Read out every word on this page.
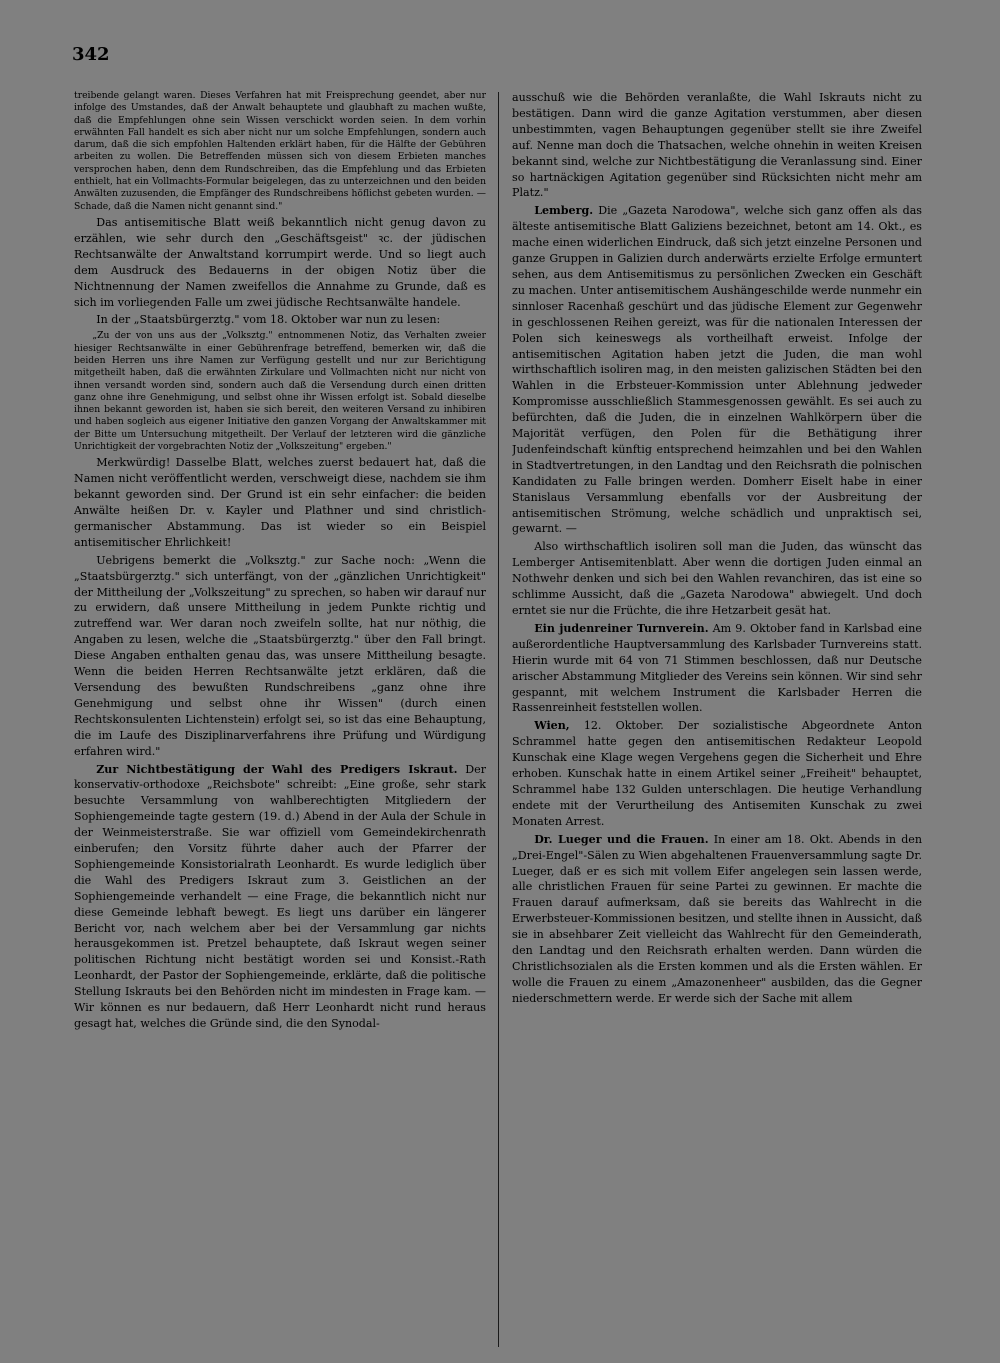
342

treibende gelangt waren. Dieses Verfahren hat mit Freisprechung geendet, aber nur infolge des Umstandes, daß der Anwalt behauptete und glaubhaft zu machen wußte, daß die Empfehlungen ohne sein Wissen verschickt worden seien. In dem vorhin erwähnten Fall handelt es sich aber nicht nur um solche Empfehlungen, sondern auch darum, daß die sich empfohlen Haltenden erklärt haben, für die Hälfte der Gebühren arbeiten zu wollen. Die Betreffenden müssen sich von diesem Erbieten manches versprochen haben, denn dem Rundschreiben, das die Empfehlung und das Erbieten enthielt, hat ein Vollmachts-Formular beigelegen, das zu unterzeichnen und den beiden Anwälten zuzusenden, die Empfänger des Rundschreibens höflichst gebeten wurden. — Schade, daß die Namen nicht genannt sind."

Das antisemitische Blatt weiß bekanntlich nicht genug davon zu erzählen, wie sehr durch den „Geschäftsgeist" ꝛc. der jüdischen Rechtsanwälte der Anwaltstand korrumpirt werde. Und so liegt auch dem Ausdruck des Bedauerns in der obigen Notiz über die Nichtnennung der Namen zweifellos die Annahme zu Grunde, daß es sich im vorliegenden Falle um zwei jüdische Rechtsanwälte handele.

In der „Staatsbürgerztg." vom 18. Oktober war nun zu lesen:

„Zu der von uns aus der „Volksztg." entnommenen Notiz, das Verhalten zweier hiesiger Rechtsanwälte in einer Gebührenfrage betreffend, bemerken wir, daß die beiden Herren uns ihre Namen zur Verfügung gestellt und nur zur Berichtigung mitgetheilt haben, daß die erwähnten Zirkulare und Vollmachten nicht nur nicht von ihnen versandt worden sind, sondern auch daß die Versendung durch einen dritten ganz ohne ihre Genehmigung, und selbst ohne ihr Wissen erfolgt ist. Sobald dieselbe ihnen bekannt geworden ist, haben sie sich bereit, den weiteren Versand zu inhibiren und haben sogleich aus eigener Initiative den ganzen Vorgang der Anwaltskammer mit der Bitte um Untersuchung mitgetheilt. Der Verlauf der letzteren wird die gänzliche Unrichtigkeit der vorgebrachten Notiz der „Volkszeitung" ergeben."

Merkwürdig! Dasselbe Blatt, welches zuerst bedauert hat, daß die Namen nicht veröffentlicht werden, verschweigt diese, nachdem sie ihm bekannt geworden sind. Der Grund ist ein sehr einfacher: die beiden Anwälte heißen Dr. v. Kayler und Plathner und sind christlich-germanischer Abstammung. Das ist wieder so ein Beispiel antisemitischer Ehrlichkeit!

Uebrigens bemerkt die „Volksztg." zur Sache noch: „Wenn die „Staatsbürgerztg." sich unterfängt, von der „gänzlichen Unrichtigkeit" der Mittheilung der „Volkszeitung" zu sprechen, so haben wir darauf nur zu erwidern, daß unsere Mittheilung in jedem Punkte richtig und zutreffend war. Wer daran noch zweifeln sollte, hat nur nöthig, die Angaben zu lesen, welche die „Staatsbürgerztg." über den Fall bringt. Diese Angaben enthalten genau das, was unsere Mittheilung besagte. Wenn die beiden Herren Rechtsanwälte jetzt erklären, daß die Versendung des bewußten Rundschreibens „ganz ohne ihre Genehmigung und selbst ohne ihr Wissen" (durch einen Rechtskonsulenten Lichtenstein) erfolgt sei, so ist das eine Behauptung, die im Laufe des Disziplinarverfahrens ihre Prüfung und Würdigung erfahren wird."

Zur Nichtbestätigung der Wahl des Predigers Iskraut. Der konservativ-orthodoxe „Reichsbote" schreibt: „Eine große, sehr stark besuchte Versammlung von wahlberechtigten Mitgliedern der Sophiengemeinde tagte gestern (19. d.) Abend in der Aula der Schule in der Weinmeisterstraße. Sie war offiziell vom Gemeindekirchenrath einberufen; den Vorsitz führte daher auch der Pfarrer der Sophiengemeinde Konsistorialrath Leonhardt. Es wurde lediglich über die Wahl des Predigers Iskraut zum 3. Geistlichen an der Sophiengemeinde verhandelt — eine Frage, die bekanntlich nicht nur diese Gemeinde lebhaft bewegt. Es liegt uns darüber ein längerer Bericht vor, nach welchem aber bei der Versammlung gar nichts herausgekommen ist. Pretzel behauptete, daß Iskraut wegen seiner politischen Richtung nicht bestätigt worden sei und Konsist.-Rath Leonhardt, der Pastor der Sophiengemeinde, erklärte, daß die politische Stellung Iskrauts bei den Behörden nicht im mindesten in Frage kam. — Wir können es nur bedauern, daß Herr Leonhardt nicht rund heraus gesagt hat, welches die Gründe sind, die den Synodal-

ausschuß wie die Behörden veranlaßte, die Wahl Iskrauts nicht zu bestätigen. Dann wird die ganze Agitation verstummen, aber diesen unbestimmten, vagen Behauptungen gegenüber stellt sie ihre Zweifel auf. Nenne man doch die Thatsachen, welche ohnehin in weiten Kreisen bekannt sind, welche zur Nichtbestätigung die Veranlassung sind. Einer so hartnäckigen Agitation gegenüber sind Rücksichten nicht mehr am Platz."

Lemberg. Die „Gazeta Narodowa", welche sich ganz offen als das älteste antisemitische Blatt Galiziens bezeichnet, betont am 14. Okt., es mache einen widerlichen Eindruck, daß sich jetzt einzelne Personen und ganze Gruppen in Galizien durch anderwärts erzielte Erfolge ermuntert sehen, aus dem Antisemitismus zu persönlichen Zwecken ein Geschäft zu machen. Unter antisemitischem Aushängeschilde werde nunmehr ein sinnloser Racenhaß geschürt und das jüdische Element zur Gegenwehr in geschlossenen Reihen gereizt, was für die nationalen Interessen der Polen sich keineswegs als vortheilhaft erweist. Infolge der antisemitischen Agitation haben jetzt die Juden, die man wohl wirthschaftlich isoliren mag, in den meisten galizischen Städten bei den Wahlen in die Erbsteuer-Kommission unter Ablehnung jedweder Kompromisse ausschließlich Stammesgenossen gewählt. Es sei auch zu befürchten, daß die Juden, die in einzelnen Wahlkörpern über die Majorität verfügen, den Polen für die Bethätigung ihrer Judenfeindschaft künftig entsprechend heimzahlen und bei den Wahlen in Stadtvertretungen, in den Landtag und den Reichsrath die polnischen Kandidaten zu Falle bringen werden. Domherr Eiselt habe in einer Stanislaus Versammlung ebenfalls vor der Ausbreitung der antisemitischen Strömung, welche schädlich und unpraktisch sei, gewarnt. —

Also wirthschaftlich isoliren soll man die Juden, das wünscht das Lemberger Antisemitenblatt. Aber wenn die dortigen Juden einmal an Nothwehr denken und sich bei den Wahlen revanchiren, das ist eine so schlimme Aussicht, daß die „Gazeta Narodowa" abwiegelt. Und doch erntet sie nur die Früchte, die ihre Hetzarbeit gesät hat.

Ein judenreiner Turnverein. Am 9. Oktober fand in Karlsbad eine außerordentliche Hauptversammlung des Karlsbader Turnvereins statt. Hierin wurde mit 64 von 71 Stimmen beschlossen, daß nur Deutsche arischer Abstammung Mitglieder des Vereins sein können. Wir sind sehr gespannt, mit welchem Instrument die Karlsbader Herren die Rassenreinheit feststellen wollen.

Wien, 12. Oktober. Der sozialistische Abgeordnete Anton Schrammel hatte gegen den antisemitischen Redakteur Leopold Kunschak eine Klage wegen Vergehens gegen die Sicherheit und Ehre erhoben. Kunschak hatte in einem Artikel seiner „Freiheit" behauptet, Schrammel habe 132 Gulden unterschlagen. Die heutige Verhandlung endete mit der Verurtheilung des Antisemiten Kunschak zu zwei Monaten Arrest.

Dr. Lueger und die Frauen. In einer am 18. Okt. Abends in den „Drei-Engel"-Sälen zu Wien abgehaltenen Frauenversammlung sagte Dr. Lueger, daß er es sich mit vollem Eifer angelegen sein lassen werde, alle christlichen Frauen für seine Partei zu gewinnen. Er machte die Frauen darauf aufmerksam, daß sie bereits das Wahlrecht in die Erwerbsteuer-Kommissionen besitzen, und stellte ihnen in Aussicht, daß sie in absehbarer Zeit vielleicht das Wahlrecht für den Gemeinderath, den Landtag und den Reichsrath erhalten werden. Dann würden die Christlichsozialen als die Ersten kommen und als die Ersten wählen. Er wolle die Frauen zu einem „Amazonenheer" ausbilden, das die Gegner niederschmettern werde. Er werde sich der Sache mit allem
